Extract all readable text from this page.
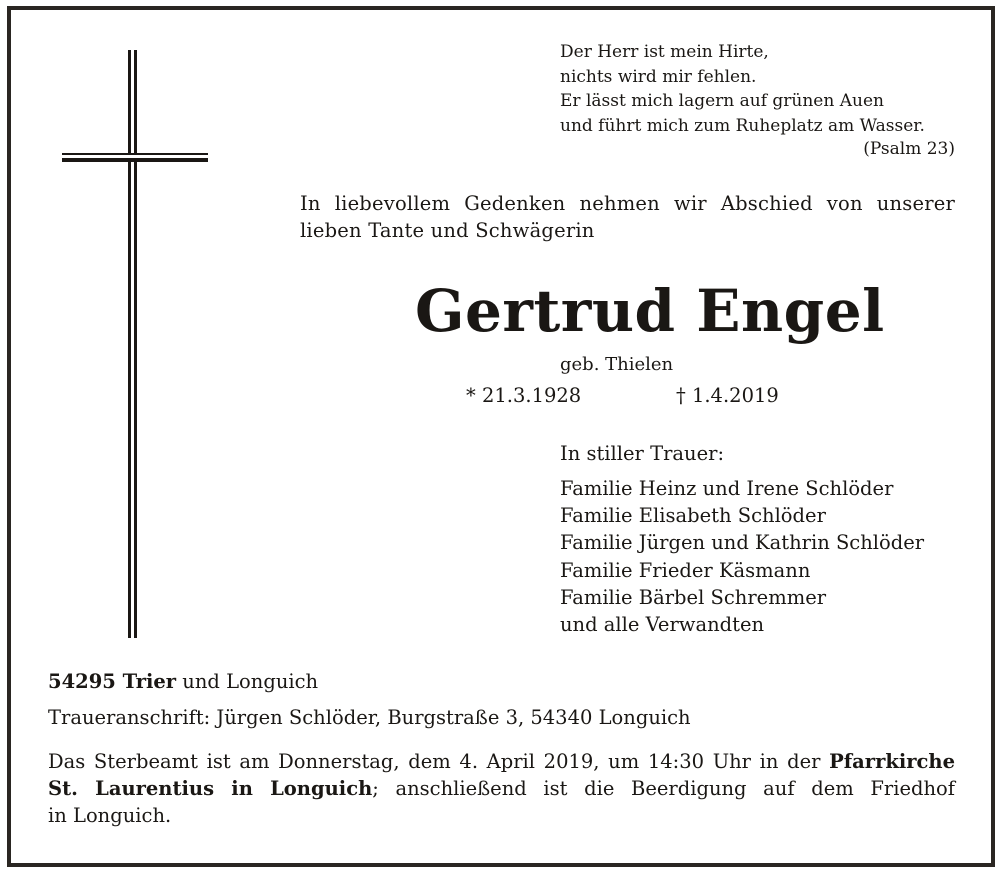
Der Herr ist mein Hirte,
nichts wird mir fehlen.
Er lässt mich lagern auf grünen Auen
und führt mich zum Ruheplatz am Wasser.
(Psalm 23)
In liebevollem Gedenken nehmen wir Abschied von unserer
lieben Tante und Schwägerin
Gertrud Engel
geb. Thielen
* 21.3.1928	† 1.4.2019
In stiller Trauer:
Familie Heinz und Irene Schlöder
Familie Elisabeth Schlöder
Familie Jürgen und Kathrin Schlöder
Familie Frieder Käsmann
Familie Bärbel Schremmer
und alle Verwandten
54295 Trier und Longuich
Traueranschrift: Jürgen Schlöder, Burgstraße 3, 54340 Longuich
Das Sterbeamt ist am Donnerstag, dem 4. April 2019, um 14:30 Uhr in der Pfarrkirche
St. Laurentius in Longuich; anschließend ist die Beerdigung auf dem Friedhof
in Longuich.
